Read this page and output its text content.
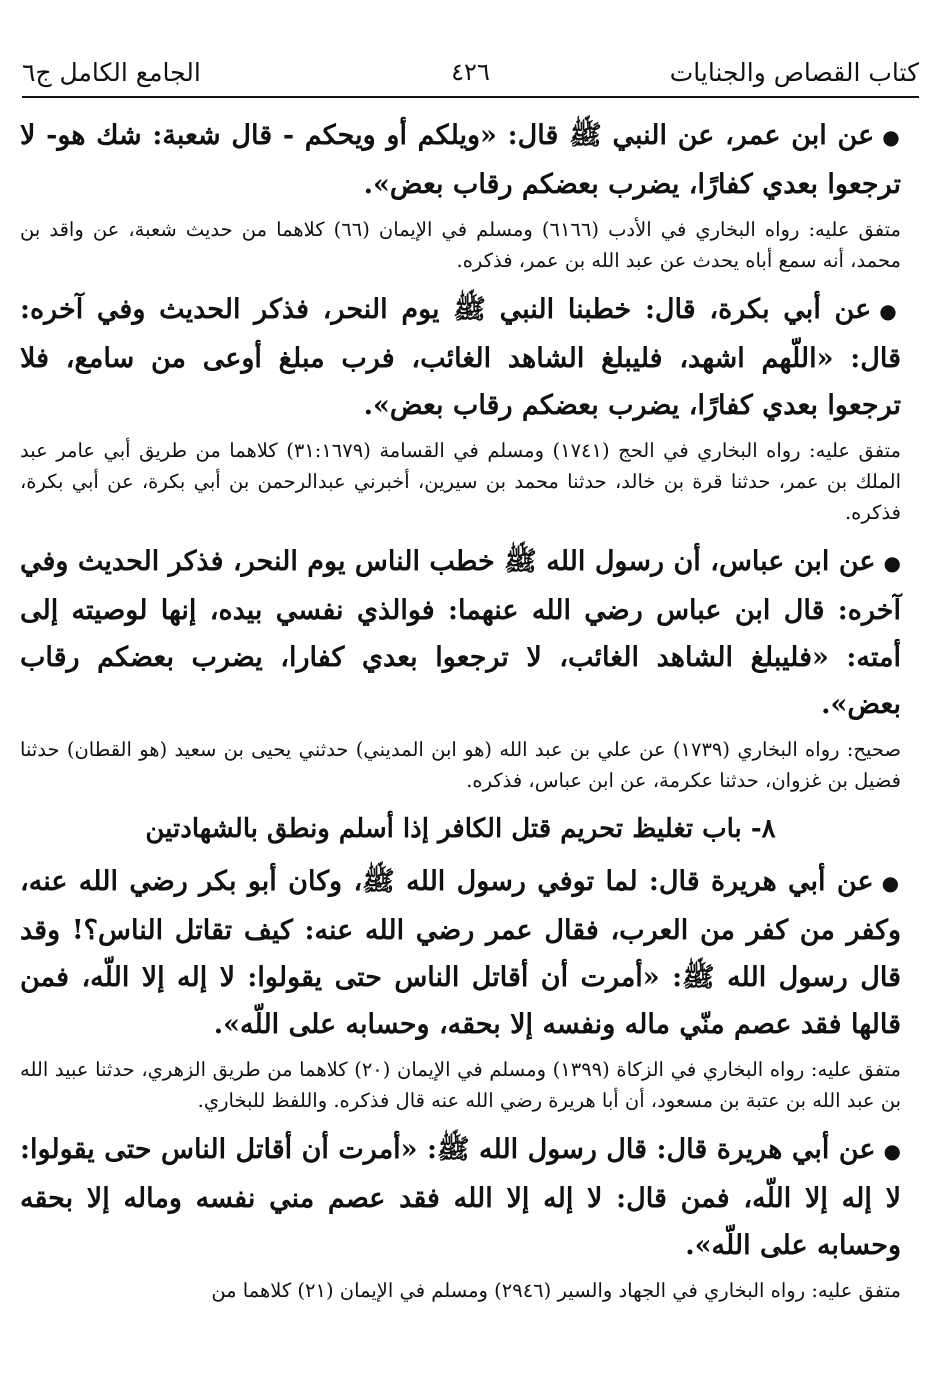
كتاب القصاص والجنايات
٤٢٦
الجامع الكامل ج٦

●عن ابن عمر، عن النبي ﷺ قال: «ويلكم أو ويحكم - قال شعبة: شك هو- لا ترجعوا بعدي كفارًا، يضرب بعضكم رقاب بعض».

متفق عليه: رواه البخاري في الأدب (٦١٦٦) ومسلم في الإيمان (٦٦) كلاهما من حديث شعبة، عن واقد بن محمد، أنه سمع أباه يحدث عن عبد الله بن عمر، فذكره.

●عن أبي بكرة، قال: خطبنا النبي ﷺ يوم النحر، فذكر الحديث وفي آخره: قال: «اللّهم اشهد، فليبلغ الشاهد الغائب، فرب مبلغ أوعى من سامع، فلا ترجعوا بعدي كفارًا، يضرب بعضكم رقاب بعض».

متفق عليه: رواه البخاري في الحج (١٧٤١) ومسلم في القسامة (٣١:١٦٧٩) كلاهما من طريق أبي عامر عبد الملك بن عمر، حدثنا قرة بن خالد، حدثنا محمد بن سيرين، أخبرني عبدالرحمن بن أبي بكرة، عن أبي بكرة، فذكره.

●عن ابن عباس، أن رسول الله ﷺ خطب الناس يوم النحر، فذكر الحديث وفي آخره: قال ابن عباس رضي الله عنهما: فوالذي نفسي بيده، إنها لوصيته إلى أمته: «فليبلغ الشاهد الغائب، لا ترجعوا بعدي كفارا، يضرب بعضكم رقاب بعض».

صحيح: رواه البخاري (١٧٣٩) عن علي بن عبد الله (هو ابن المديني) حدثني يحيى بن سعيد (هو القطان) حدثنا فضيل بن غزوان، حدثنا عكرمة، عن ابن عباس، فذكره.

٨- باب تغليظ تحريم قتل الكافر إذا أسلم ونطق بالشهادتين

●عن أبي هريرة قال: لما توفي رسول الله ﷺ، وكان أبو بكر رضي الله عنه، وكفر من كفر من العرب، فقال عمر رضي الله عنه: كيف تقاتل الناس؟! وقد قال رسول الله ﷺ: «أمرت أن أقاتل الناس حتى يقولوا: لا إله إلا اللّه، فمن قالها فقد عصم منّي ماله ونفسه إلا بحقه، وحسابه على اللّه».

متفق عليه: رواه البخاري في الزكاة (١٣٩٩) ومسلم في الإيمان (٢٠) كلاهما من طريق الزهري، حدثنا عبيد الله بن عبد الله بن عتبة بن مسعود، أن أبا هريرة رضي الله عنه قال فذكره. واللفظ للبخاري.

●عن أبي هريرة قال: قال رسول الله ﷺ: «أمرت أن أقاتل الناس حتى يقولوا: لا إله إلا اللّه، فمن قال: لا إله إلا الله فقد عصم مني نفسه وماله إلا بحقه وحسابه على اللّه».

متفق عليه: رواه البخاري في الجهاد والسير (٢٩٤٦) ومسلم في الإيمان (٢١) كلاهما من
